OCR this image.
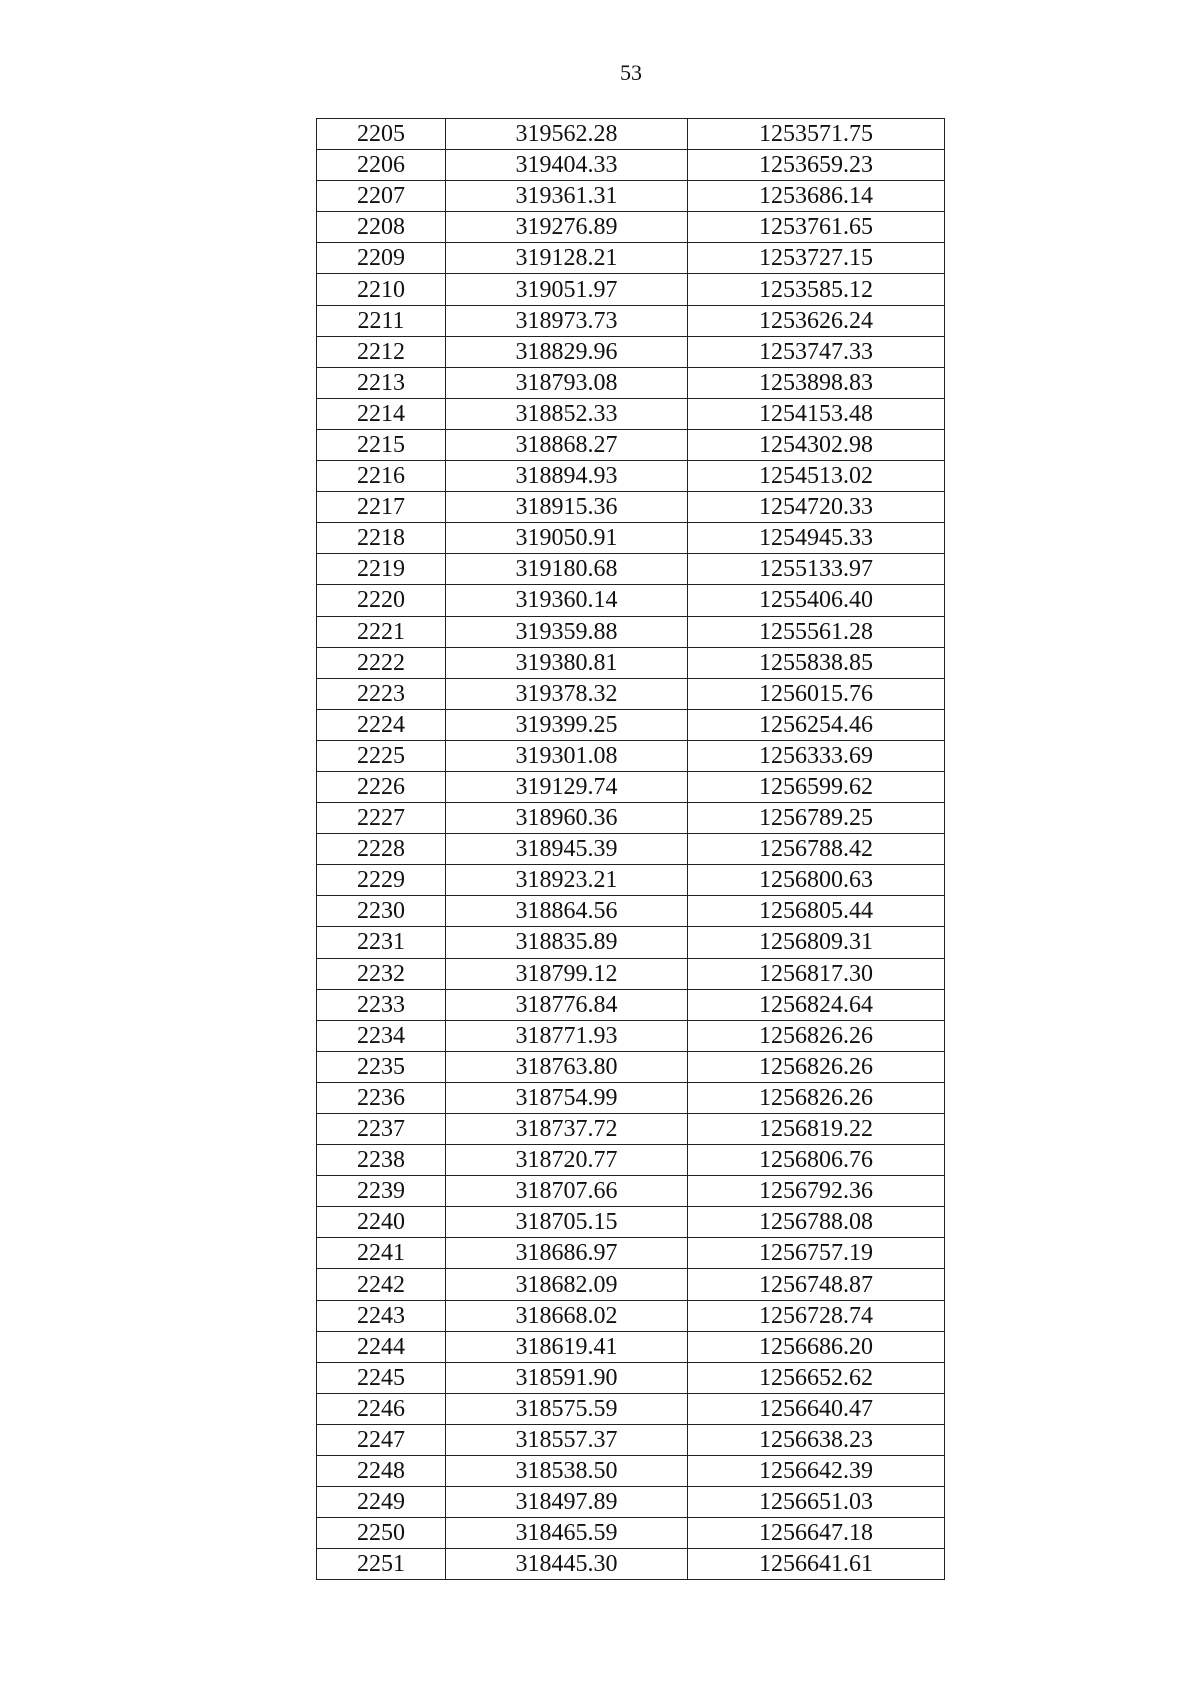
53
2205	319562.28	1253571.75
2206	319404.33	1253659.23
2207	319361.31	1253686.14
2208	319276.89	1253761.65
2209	319128.21	1253727.15
2210	319051.97	1253585.12
2211	318973.73	1253626.24
2212	318829.96	1253747.33
2213	318793.08	1253898.83
2214	318852.33	1254153.48
2215	318868.27	1254302.98
2216	318894.93	1254513.02
2217	318915.36	1254720.33
2218	319050.91	1254945.33
2219	319180.68	1255133.97
2220	319360.14	1255406.40
2221	319359.88	1255561.28
2222	319380.81	1255838.85
2223	319378.32	1256015.76
2224	319399.25	1256254.46
2225	319301.08	1256333.69
2226	319129.74	1256599.62
2227	318960.36	1256789.25
2228	318945.39	1256788.42
2229	318923.21	1256800.63
2230	318864.56	1256805.44
2231	318835.89	1256809.31
2232	318799.12	1256817.30
2233	318776.84	1256824.64
2234	318771.93	1256826.26
2235	318763.80	1256826.26
2236	318754.99	1256826.26
2237	318737.72	1256819.22
2238	318720.77	1256806.76
2239	318707.66	1256792.36
2240	318705.15	1256788.08
2241	318686.97	1256757.19
2242	318682.09	1256748.87
2243	318668.02	1256728.74
2244	318619.41	1256686.20
2245	318591.90	1256652.62
2246	318575.59	1256640.47
2247	318557.37	1256638.23
2248	318538.50	1256642.39
2249	318497.89	1256651.03
2250	318465.59	1256647.18
2251	318445.30	1256641.61
